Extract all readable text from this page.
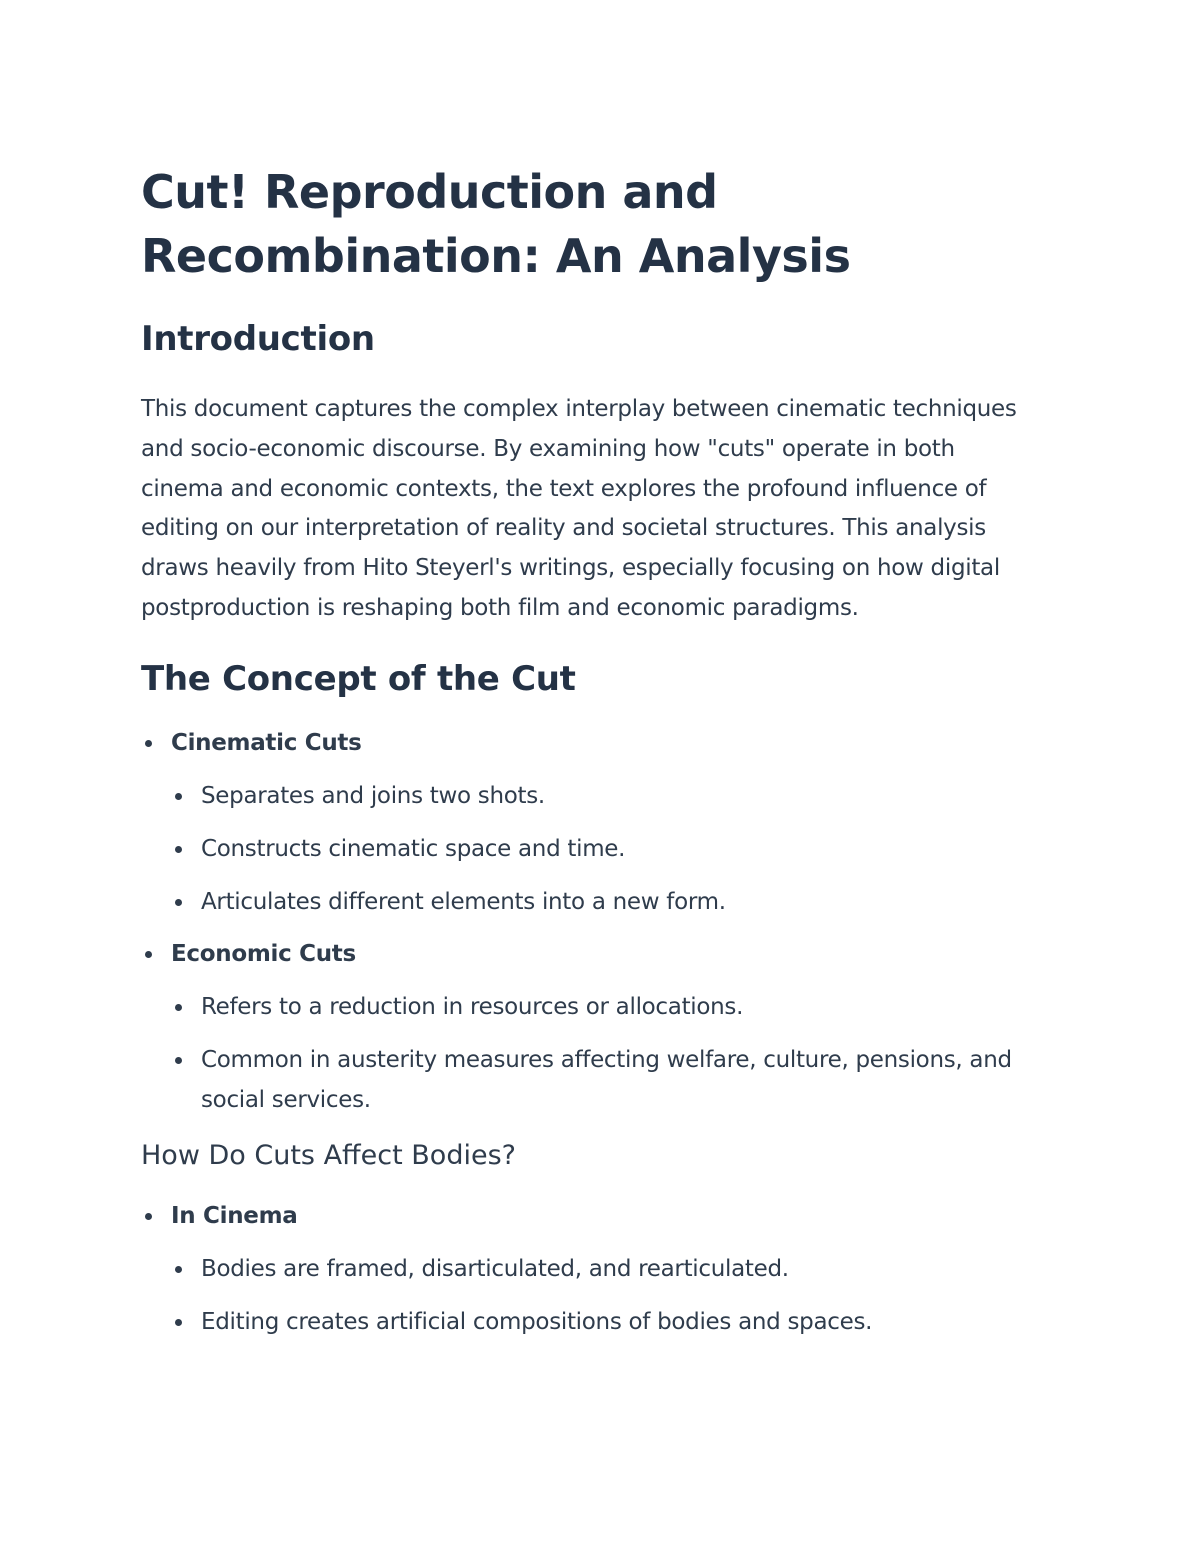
Cut! Reproduction and Recombination: An Analysis
Introduction

This document captures the complex interplay between cinematic techniques and socio-economic discourse. By examining how "cuts" operate in both cinema and economic contexts, the text explores the profound influence of editing on our interpretation of reality and societal structures. This analysis draws heavily from Hito Steyerl's writings, especially focusing on how digital postproduction is reshaping both film and economic paradigms.

The Concept of the Cut
Cinematic Cuts
Separates and joins two shots.
Constructs cinematic space and time.
Articulates different elements into a new form.
Economic Cuts
Refers to a reduction in resources or allocations.
Common in austerity measures affecting welfare, culture, pensions, and social services.
How Do Cuts Affect Bodies?
In Cinema
Bodies are framed, disarticulated, and rearticulated.
Editing creates artificial compositions of bodies and spaces.
